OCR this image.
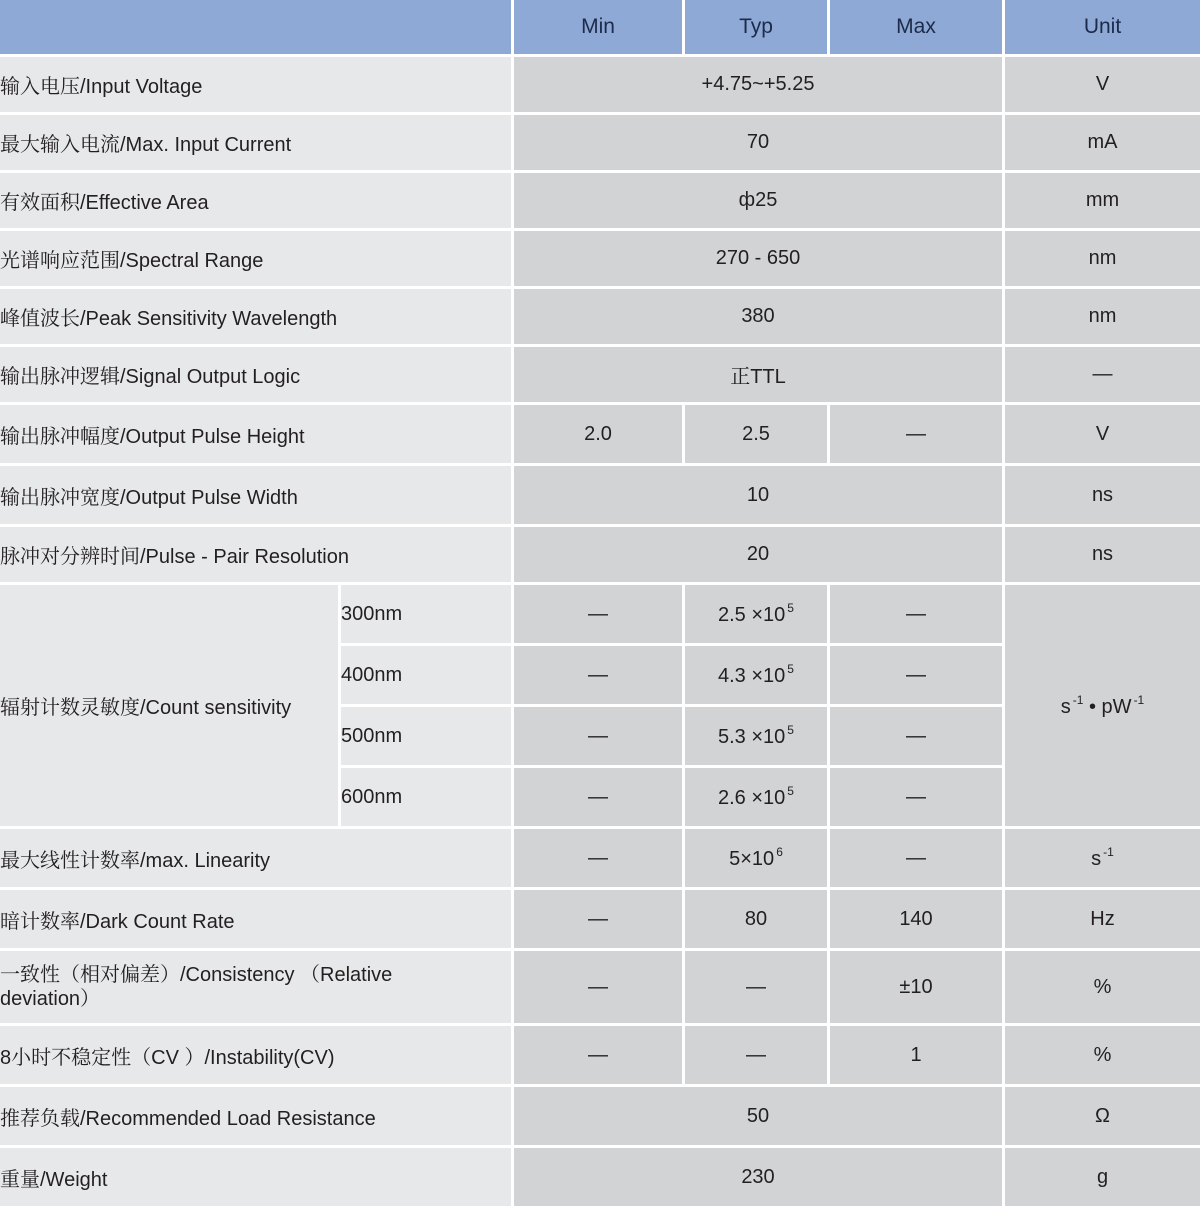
		Min	Typ	Max	Unit
输入电压/Input Voltage		+4.75~+5.25			V
最大输入电流/Max. Input Current		70			mA
有效面积/Effective Area		ф25			mm
光谱响应范围/Spectral Range		270 - 650			nm
峰值波长/Peak Sensitivity Wavelength		380			nm
输出脉冲逻辑/Signal Output Logic		正TTL			—
输出脉冲幅度/Output Pulse Height		2.0	2.5	—	V
输出脉冲宽度/Output Pulse Width		10			ns
脉冲对分辨时间/Pulse - Pair Resolution		20			ns
辐射计数灵敏度/Count sensitivity	300nm	—	2.5 ×10 $^5$	—	s $^{-1}$ • pW $^{-1}$
	400nm	—	4.3 ×10 $^5$	—	
	500nm	—	5.3 ×10 $^5$	—	
	600nm	—	2.6 ×10 $^5$	—	
最大线性计数率/max. Linearity		—	5×10 $^6$	—	s $^{-1}$
暗计数率/Dark Count Rate		—	80	140	Hz
一致性（相对偏差）/Consistency （Relative deviation）		—	—	±10	%
8小时不稳定性（CV ）/Instability(CV)		—	—	1	%
推荐负载/Recommended Load Resistance		50			Ω
重量/Weight		230			g
